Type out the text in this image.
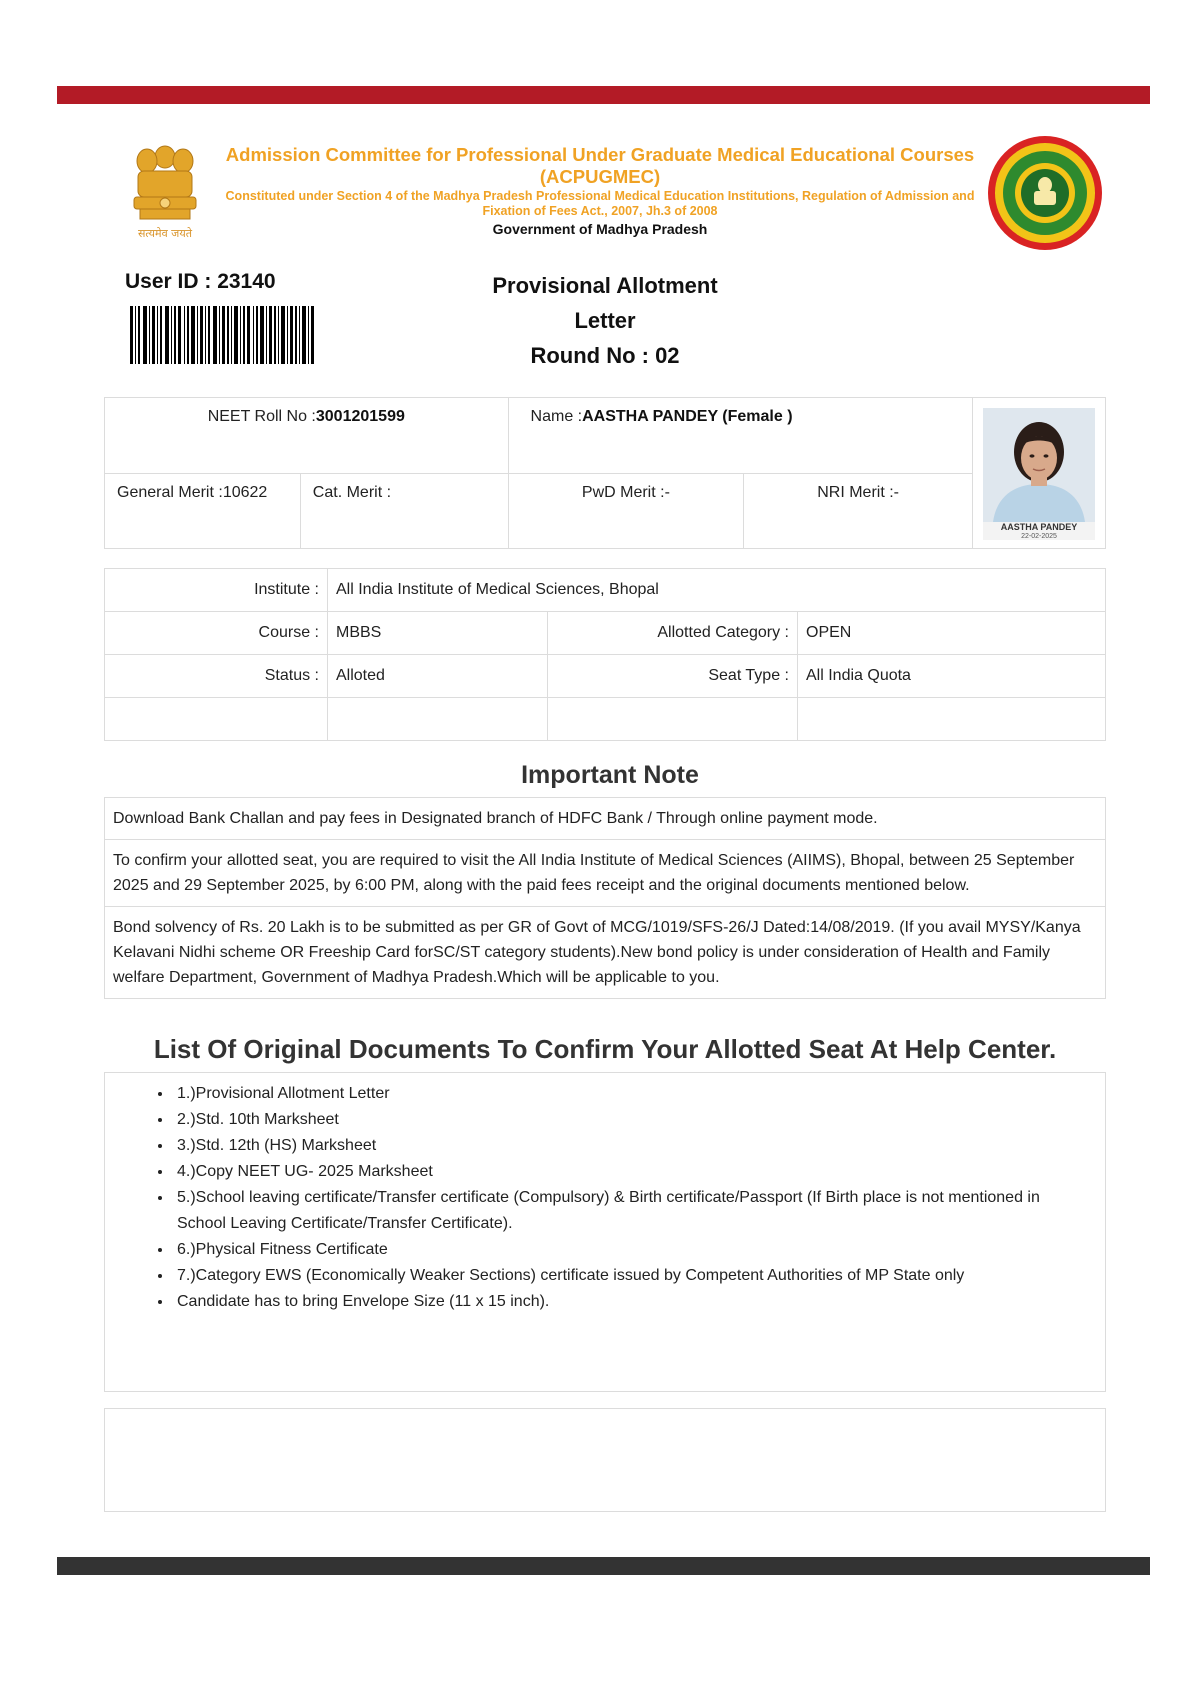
सत्यमेव जयते
Admission Committee for Professional Under Graduate Medical Educational Courses (ACPUGMEC)
Constituted under Section 4 of the Madhya Pradesh Professional Medical Education Institutions, Regulation of Admission and Fixation of Fees Act., 2007, Jh.3 of 2008
Government of Madhya Pradesh
User ID : 23140	Provisional Allotment
Letter
Round No : 02
NEET Roll No :3001201599		Name :AASTHA PANDEY (Female )		AASTHA PANDEY
22-02-2025

General Merit :10622	Cat. Merit :	PwD Merit :-	NRI Merit :-	
Institute :	All India Institute of Medical Sciences, Bhopal		
Course :	MBBS	Allotted Category :	OPEN
Status :	Alloted	Seat Type :	All India Quota

Important Note
Download Bank Challan and pay fees in Designated branch of HDFC Bank / Through online payment mode.
To confirm your allotted seat, you are required to visit the All India Institute of Medical Sciences (AIIMS), Bhopal, between 25 September 2025 and 29 September 2025, by 6:00 PM, along with the paid fees receipt and the original documents mentioned below.
Bond solvency of Rs. 20 Lakh is to be submitted as per GR of Govt of MCG/1019/SFS-26/J Dated:14/08/2019. (If you avail MYSY/Kanya Kelavani Nidhi scheme OR Freeship Card forSC/ST category students).New bond policy is under consideration of Health and Family welfare Department, Government of Madhya Pradesh.Which will be applicable to you.
List Of Original Documents To Confirm Your Allotted Seat At Help Center.
• 1.)Provisional Allotment Letter
• 2.)Std. 10th Marksheet
• 3.)Std. 12th (HS) Marksheet
• 4.)Copy NEET UG- 2025 Marksheet
• 5.)School leaving certificate/Transfer certificate (Compulsory) & Birth certificate/Passport (If Birth place is not mentioned in School Leaving Certificate/Transfer Certificate).
• 6.)Physical Fitness Certificate
• 7.)Category EWS (Economically Weaker Sections) certificate issued by Competent Authorities of MP State only
• Candidate has to bring Envelope Size (11 x 15 inch).
